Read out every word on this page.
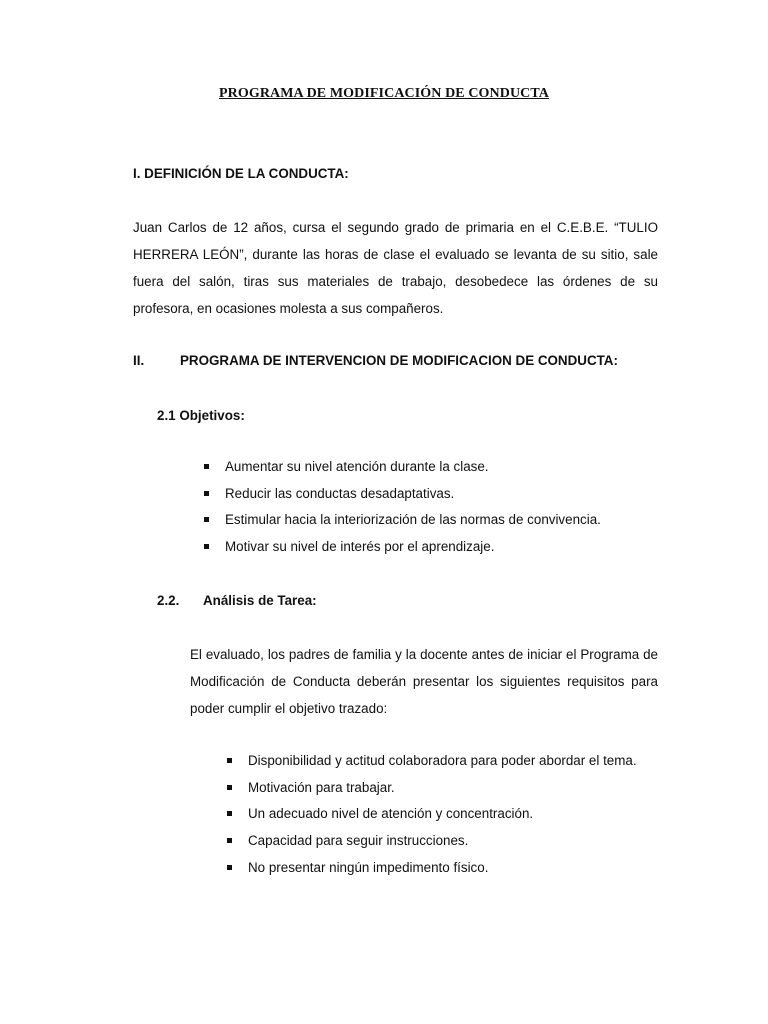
PROGRAMA DE MODIFICACIÓN DE CONDUCTA
I. DEFINICIÓN DE LA CONDUCTA:

Juan Carlos de 12 años, cursa el segundo grado de primaria en el C.E.B.E. “TULIO HERRERA LEÓN”, durante las horas de clase el evaluado se levanta de su sitio, sale fuera del salón, tiras sus materiales de trabajo, desobedece las órdenes de su profesora, en ocasiones molesta a sus compañeros.

II.	PROGRAMA DE INTERVENCION DE MODIFICACION DE CONDUCTA:
2.1 Objetivos:
Aumentar su nivel atención durante la clase.
Reducir las conductas desadaptativas.
Estimular hacia la interiorización de las normas de convivencia.
Motivar su nivel de interés por el aprendizaje.
2.2. Análisis de Tarea:

El evaluado, los padres de familia y la docente antes de iniciar el Programa de Modificación de Conducta deberán presentar los siguientes requisitos para poder cumplir el objetivo trazado:

Disponibilidad y actitud colaboradora para poder abordar el tema.
Motivación para trabajar.
Un adecuado nivel de atención y concentración.
Capacidad para seguir instrucciones.
No presentar ningún impedimento físico.
